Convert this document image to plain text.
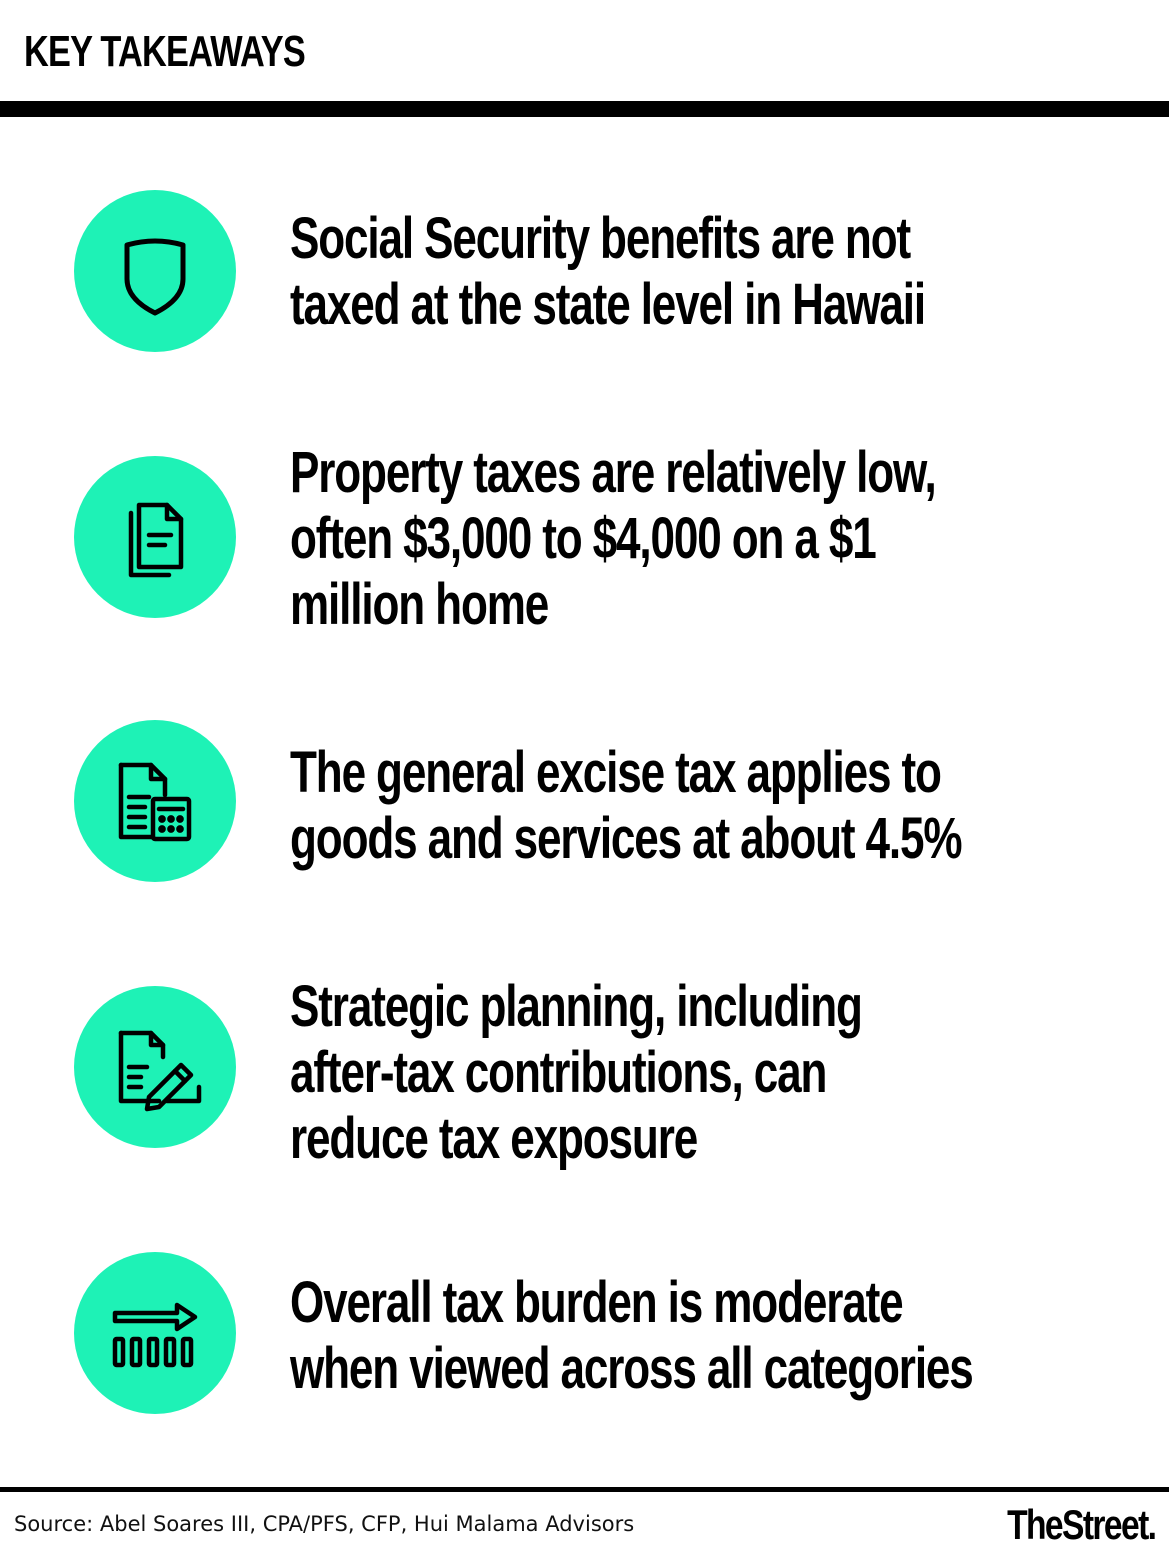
KEY TAKEAWAYS

Social Security benefits are not
taxed at the state level in Hawaii

Property taxes are relatively low,
often $3,000 to $4,000 on a $1
million home

The general excise tax applies to
goods and services at about 4.5%

Strategic planning, including
after-tax contributions, can
reduce tax exposure

Overall tax burden is moderate
when viewed across all categories

Source: Abel Soares III, CPA/PFS, CFP, Hui Malama Advisors	TheStreet.
